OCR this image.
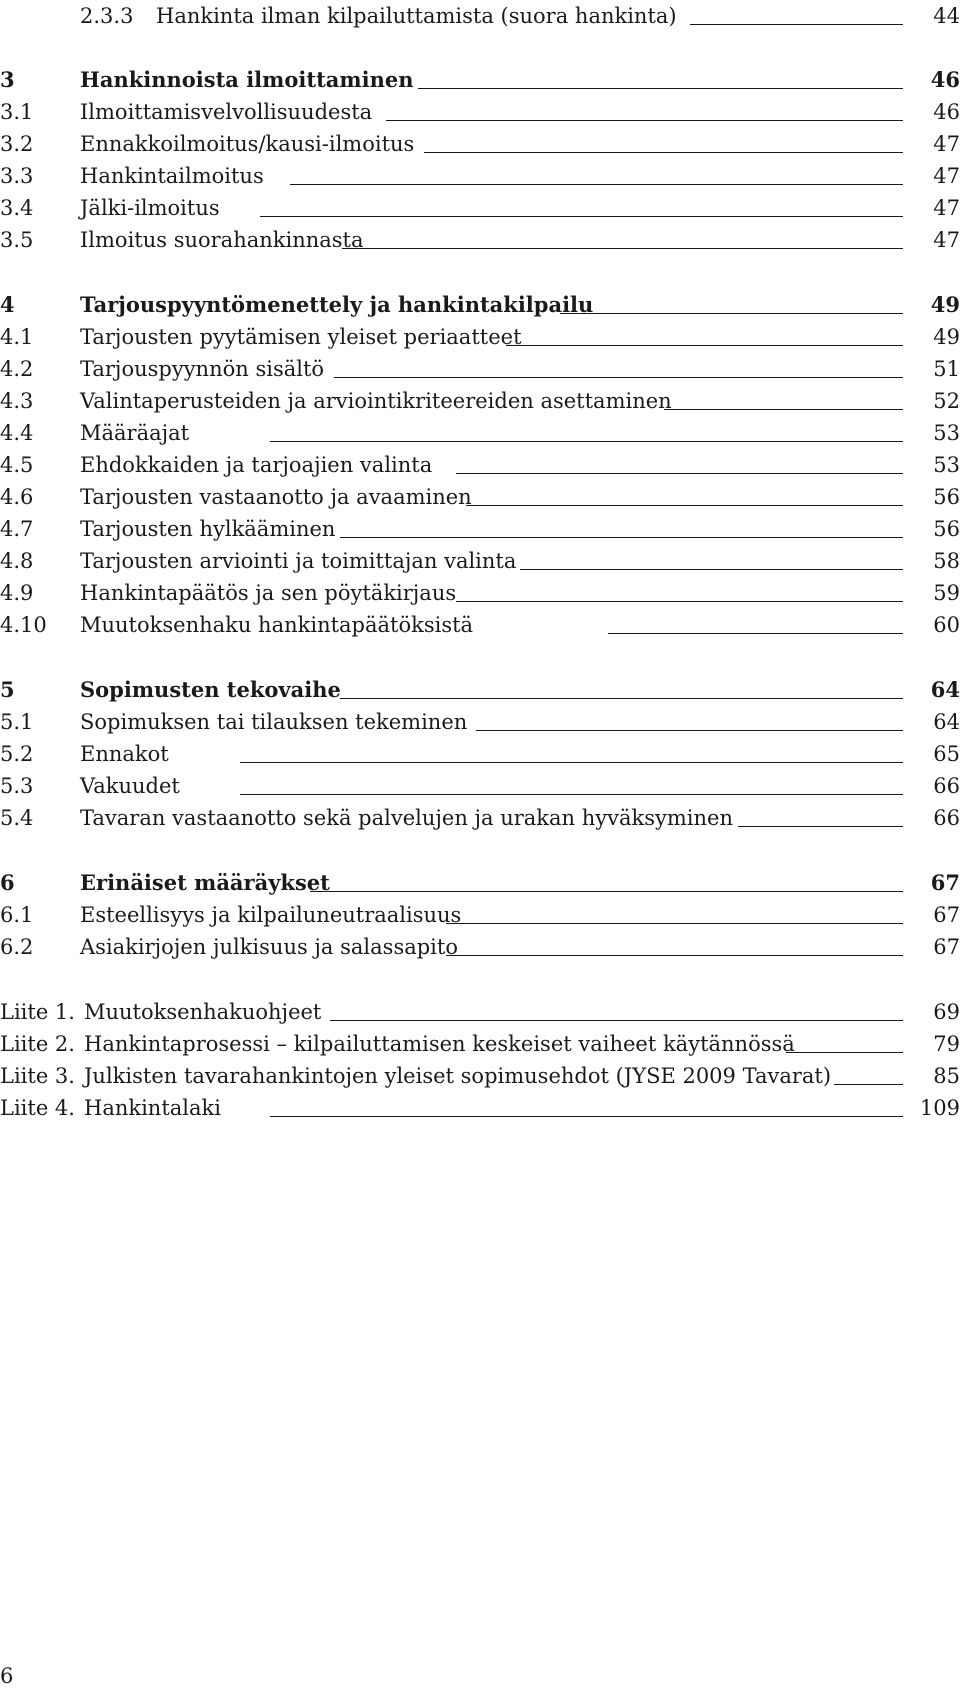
2.3.3 Hankinta ilman kilpailuttamista (suora hankinta)	44
3	Hankinnoista ilmoittaminen	46
3.1 Ilmoittamisvelvollisuudesta	46
3.2 Ennakkoilmoitus/kausi-ilmoitus	47
3.3 Hankintailmoitus	47
3.4 Jälki-ilmoitus	47
3.5 Ilmoitus suorahankinnasta	47
4	Tarjouspyyntömenettely ja hankintakilpailu	49
4.1 Tarjousten pyytämisen yleiset periaatteet	49
4.2 Tarjouspyynnön sisältö	51
4.3 Valintaperusteiden ja arviointikriteereiden asettaminen	52
4.4 Määräajat	53
4.5 Ehdokkaiden ja tarjoajien valinta	53
4.6 Tarjousten vastaanotto ja avaaminen	56
4.7 Tarjousten hylkääminen	56
4.8 Tarjousten arviointi ja toimittajan valinta	58
4.9 Hankintapäätös ja sen pöytäkirjaus	59
4.10 Muutoksenhaku hankintapäätöksistä	60
5	Sopimusten tekovaihe	64
5.1 Sopimuksen tai tilauksen tekeminen	64
5.2 Ennakot	65
5.3 Vakuudet	66
5.4 Tavaran vastaanotto sekä palvelujen ja urakan hyväksyminen	66
6	Erinäiset määräykset	67
6.1 Esteellisyys ja kilpailuneutraalisuus	67
6.2 Asiakirjojen julkisuus ja salassapito	67
Liite 1. Muutoksenhakuohjeet	69
Liite 2. Hankintaprosessi – kilpailuttamisen keskeiset vaiheet käytännössä	79
Liite 3. Julkisten tavarahankintojen yleiset sopimusehdot (JYSE 2009 Tavarat)	85
Liite 4. Hankintalaki	109
6
